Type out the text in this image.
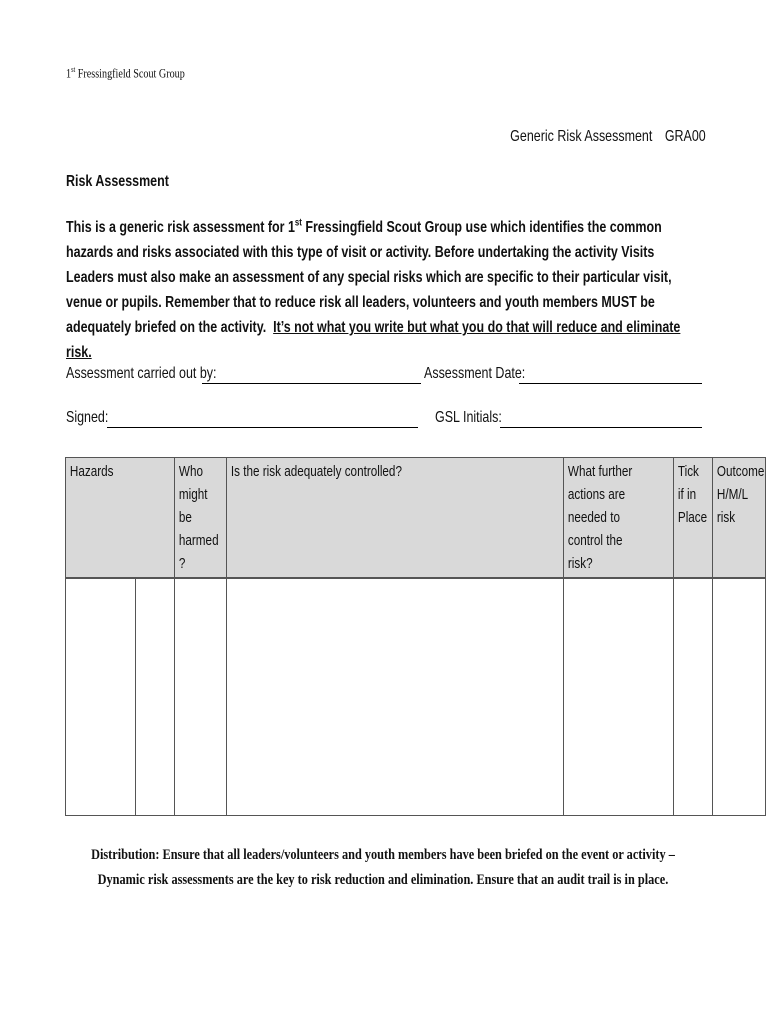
1st Fressingfield Scout Group
Generic Risk Assessment GRA00
Risk Assessment
This is a generic risk assessment for 1st Fressingfield Scout Group use which identifies the common hazards and risks associated with this type of visit or activity. Before undertaking the activity Visits Leaders must also make an assessment of any special risks which are specific to their particular visit, venue or pupils. Remember that to reduce risk all leaders, volunteers and youth members MUST be adequately briefed on the activity. It’s not what you write but what you do that will reduce and eliminate risk.
Assessment carried out by:	Assessment Date:
Signed:	GSL Initials:
Hazards		Who might be harmed ?	Is the risk adequately controlled?	What further actions are needed to control the risk?	Tick if in Place	Outcome H/M/L risk

Distribution: Ensure that all leaders/volunteers and youth members have been briefed on the event or activity –
Dynamic risk assessments are the key to risk reduction and elimination. Ensure that an audit trail is in place.
